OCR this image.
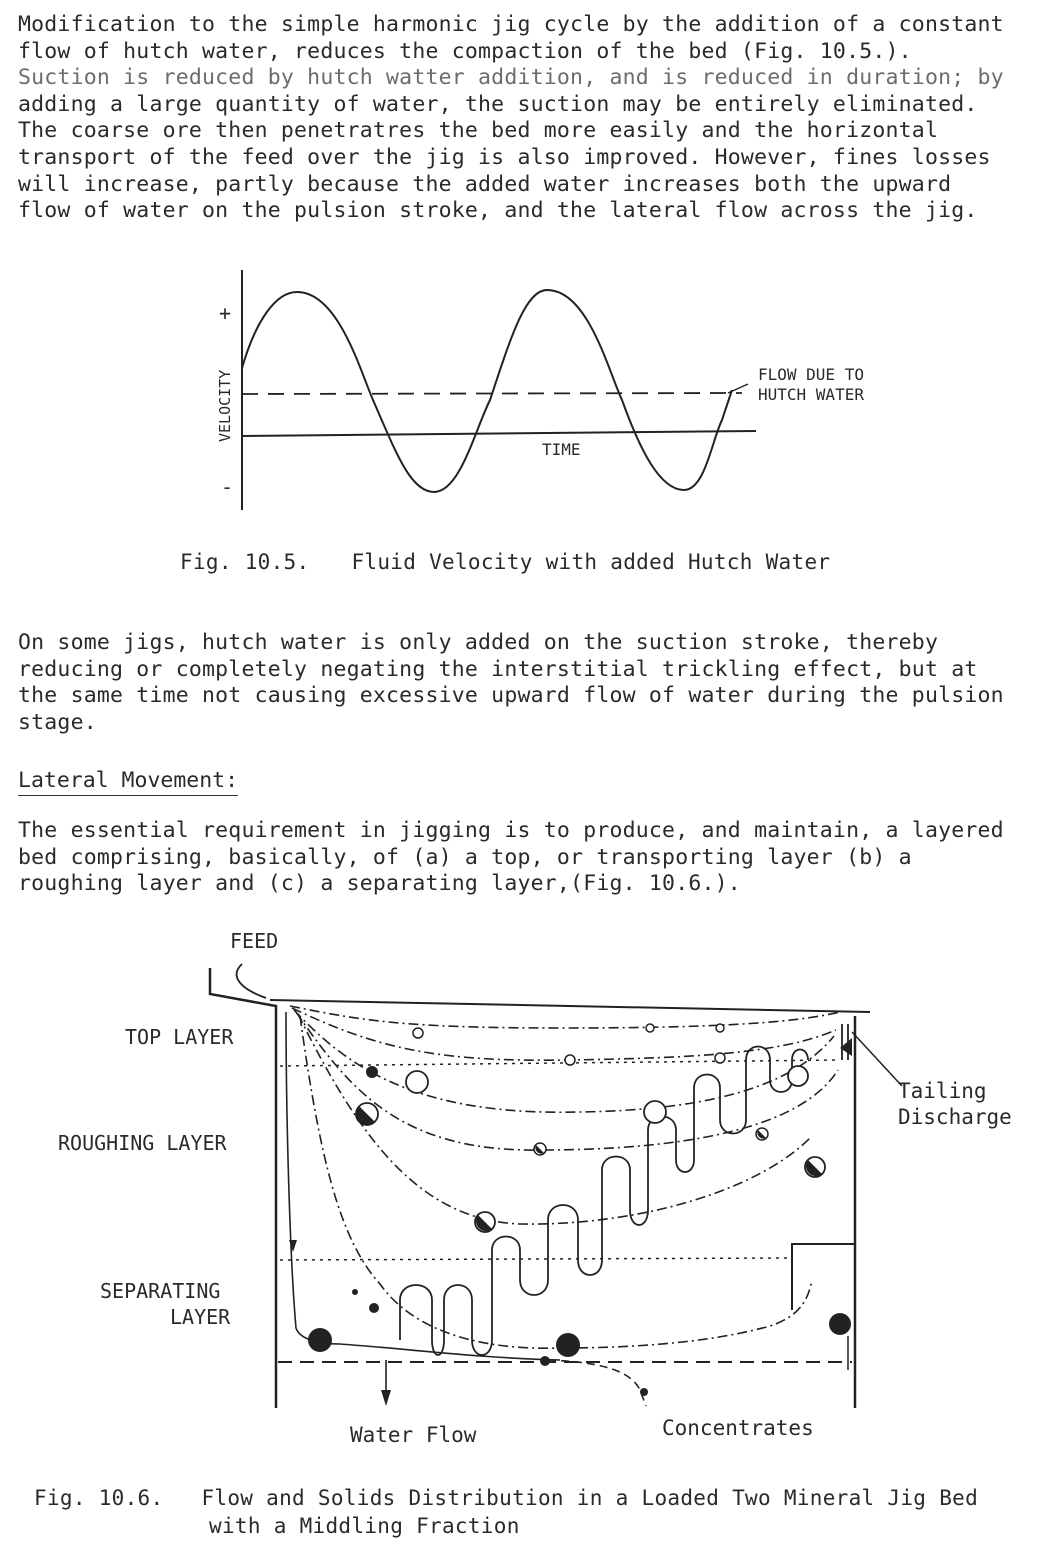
Modification to the simple harmonic jig cycle by the addition of a constant
flow of hutch water, reduces the compaction of the bed (Fig. 10.5.).
Suction is reduced by hutch watter addition, and is reduced in duration; by
adding a large quantity of water, the suction may be entirely eliminated.
The coarse ore then penetratres the bed more easily and the horizontal
transport of the feed over the jig is also improved. However, fines losses
will increase, partly because the added water increases both the upward
flow of water on the pulsion stroke, and the lateral flow across the jig.
+
-
VELOCITY
TIME
FLOW DUE TO
HUTCH WATER
Fig. 10.5. Fluid Velocity with added Hutch Water
On some jigs, hutch water is only added on the suction stroke, thereby
reducing or completely negating the interstitial trickling effect, but at
the same time not causing excessive upward flow of water during the pulsion
stage.
Lateral Movement:
The essential requirement in jigging is to produce, and maintain, a layered
bed comprising, basically, of (a) a top, or transporting layer (b) a
roughing layer and (c) a separating layer,(Fig. 10.6.).
FEED
TOP LAYER
ROUGHING LAYER
SEPARATING
LAYER
Tailing
Discharge
Water Flow	Concentrates
Fig. 10.6. Flow and Solids Distribution in a Loaded Two Mineral Jig Bed
with a Middling Fraction
